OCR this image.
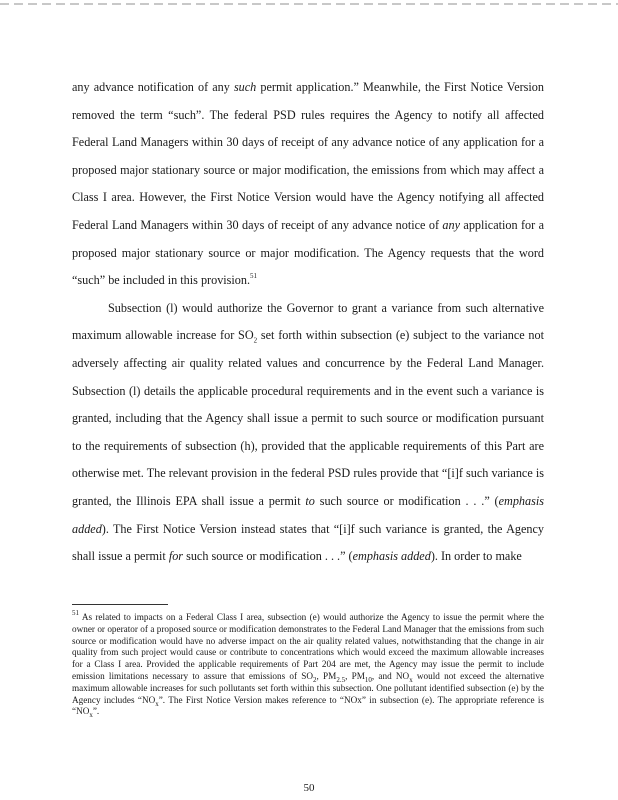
any advance notification of any such permit application.” Meanwhile, the First Notice Version removed the term “such”. The federal PSD rules requires the Agency to notify all affected Federal Land Managers within 30 days of receipt of any advance notice of any application for a proposed major stationary source or major modification, the emissions from which may affect a Class I area. However, the First Notice Version would have the Agency notifying all affected Federal Land Managers within 30 days of receipt of any advance notice of any application for a proposed major stationary source or major modification. The Agency requests that the word “such” be included in this provision.$^{51}$

Subsection (l) would authorize the Governor to grant a variance from such alternative maximum allowable increase for $SO_2$ set forth within subsection (e) subject to the variance not adversely affecting air quality related values and concurrence by the Federal Land Manager. Subsection (l) details the applicable procedural requirements and in the event such a variance is granted, including that the Agency shall issue a permit to such source or modification pursuant to the requirements of subsection (h), provided that the applicable requirements of this Part are otherwise met. The relevant provision in the federal PSD rules provide that “[i]f such variance is granted, the Illinois EPA shall issue a permit to such source or modification . . .” (emphasis added). The First Notice Version instead states that “[i]f such variance is granted, the Agency shall issue a permit for such source or modification . . .” (emphasis added). In order to make

$^{51}$ As related to impacts on a Federal Class I area, subsection (e) would authorize the Agency to issue the permit where the owner or operator of a proposed source or modification demonstrates to the Federal Land Manager that the emissions from such source or modification would have no adverse impact on the air quality related values, notwithstanding that the change in air quality from such project would cause or contribute to concentrations which would exceed the maximum allowable increases for a Class I area. Provided the applicable requirements of Part 204 are met, the Agency may issue the permit to include emission limitations necessary to assure that emissions of $SO_2$, $PM_{2.5}$, $PM_{10}$, and $NO_x$ would not exceed the alternative maximum allowable increases for such pollutants set forth within this subsection. One pollutant identified subsection (e) by the Agency includes “$NO_x$”. The First Notice Version makes reference to “NOx” in subsection (e). The appropriate reference is “$NO_x$”.

50
